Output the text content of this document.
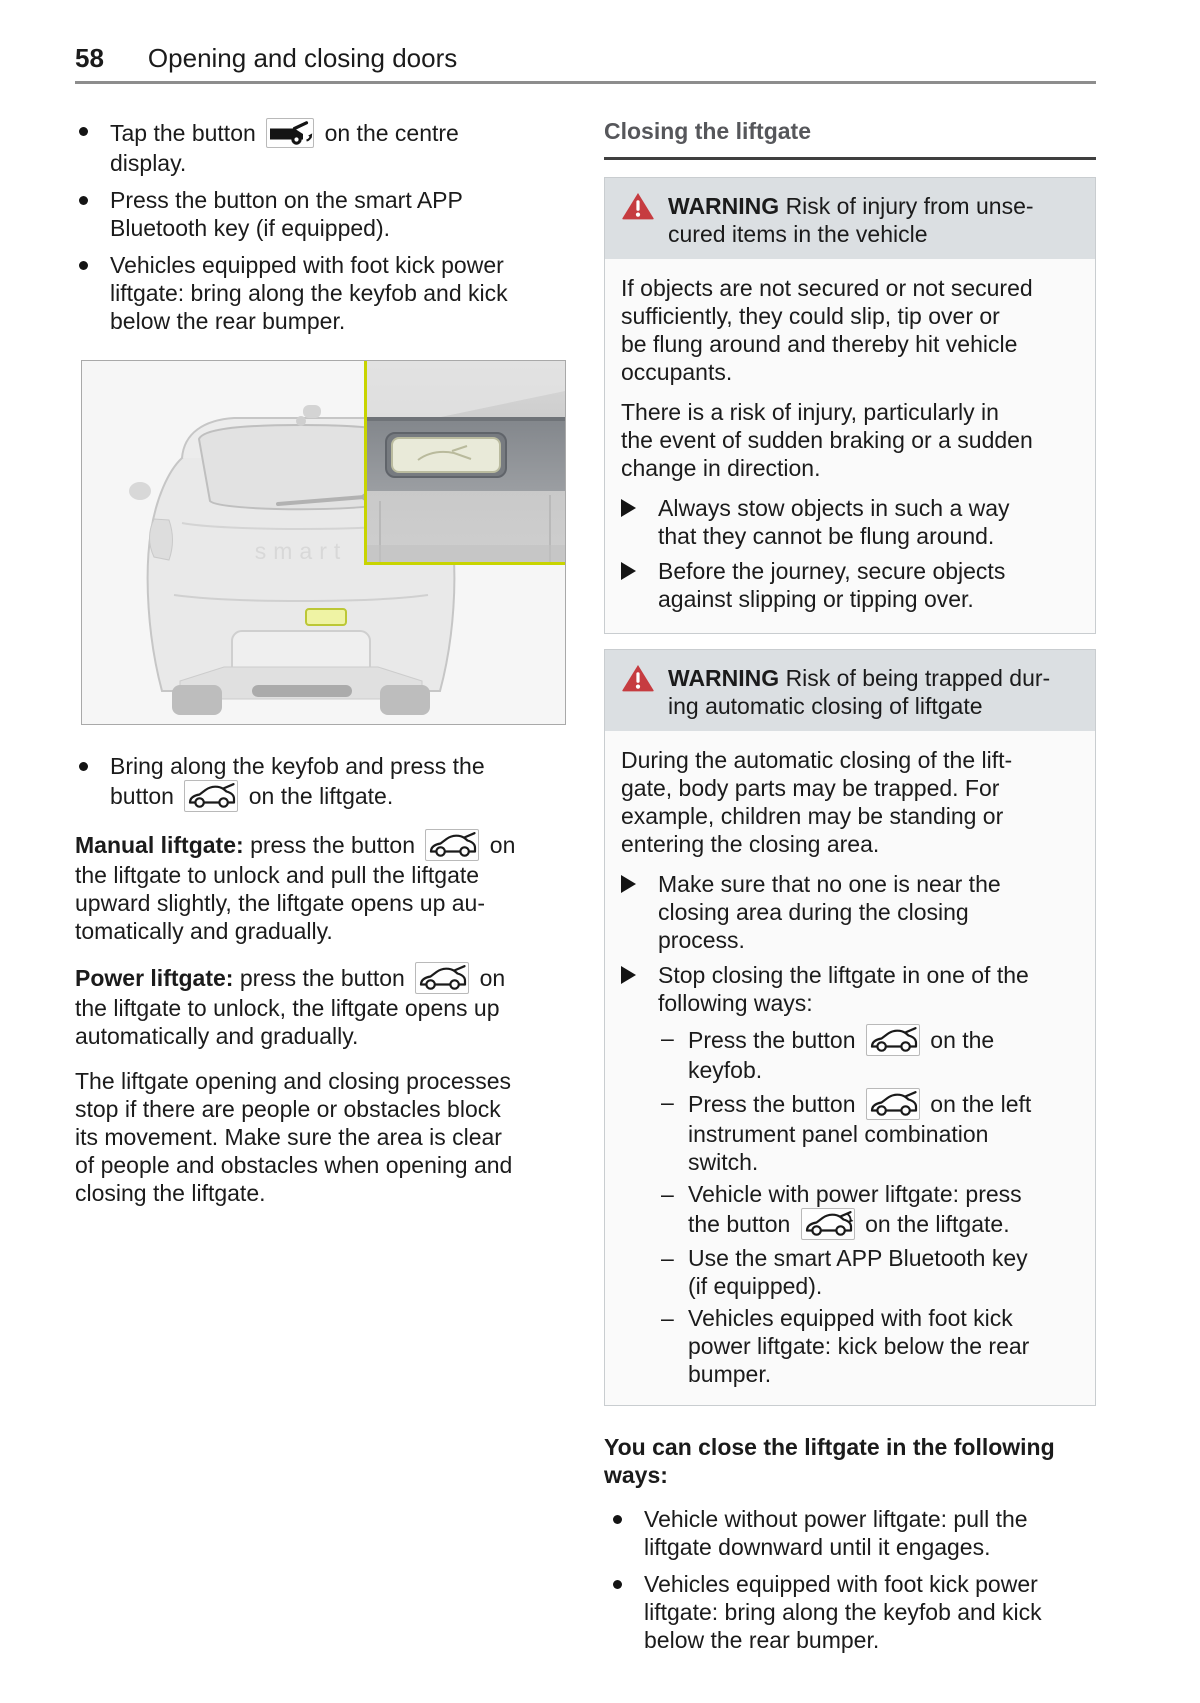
58 Opening and closing doors
Tap the button	on the centre
display.
Press the button on the smart APP
Bluetooth key (if equipped).
Vehicles equipped with foot kick power
liftgate: bring along the keyfob and kick
below the rear bumper.
smart
Bring along the keyfob and press the
button	on the liftgate.
Manual liftgate: press the button	on
the liftgate to unlock and pull the liftgate
upward slightly, the liftgate opens up au-
tomatically and gradually.
Power liftgate: press the button	on
the liftgate to unlock, the liftgate opens up
automatically and gradually.
The liftgate opening and closing processes
stop if there are people or obstacles block
its movement. Make sure the area is clear
of people and obstacles when opening and
closing the liftgate.
Closing the liftgate
WARNING Risk of injury from unse-
cured items in the vehicle
If objects are not secured or not secured
sufficiently, they could slip, tip over or
be flung around and thereby hit vehicle
occupants.
There is a risk of injury, particularly in
the event of sudden braking or a sudden
change in direction.
Always stow objects in such a way
that they cannot be flung around.
Before the journey, secure objects
against slipping or tipping over.
WARNING Risk of being trapped dur-
ing automatic closing of liftgate
During the automatic closing of the lift-
gate, body parts may be trapped. For
example, children may be standing or
entering the closing area.
Make sure that no one is near the
closing area during the closing
process.
Stop closing the liftgate in one of the
following ways:
– Press the button	on the
keyfob.
– Press the button	on the left
instrument panel combination
switch.
– Vehicle with power liftgate: press
the button	on the liftgate.
– Use the smart APP Bluetooth key
(if equipped).
– Vehicles equipped with foot kick
power liftgate: kick below the rear
bumper.
You can close the liftgate in the following
ways:
Vehicle without power liftgate: pull the
liftgate downward until it engages.
Vehicles equipped with foot kick power
liftgate: bring along the keyfob and kick
below the rear bumper.
